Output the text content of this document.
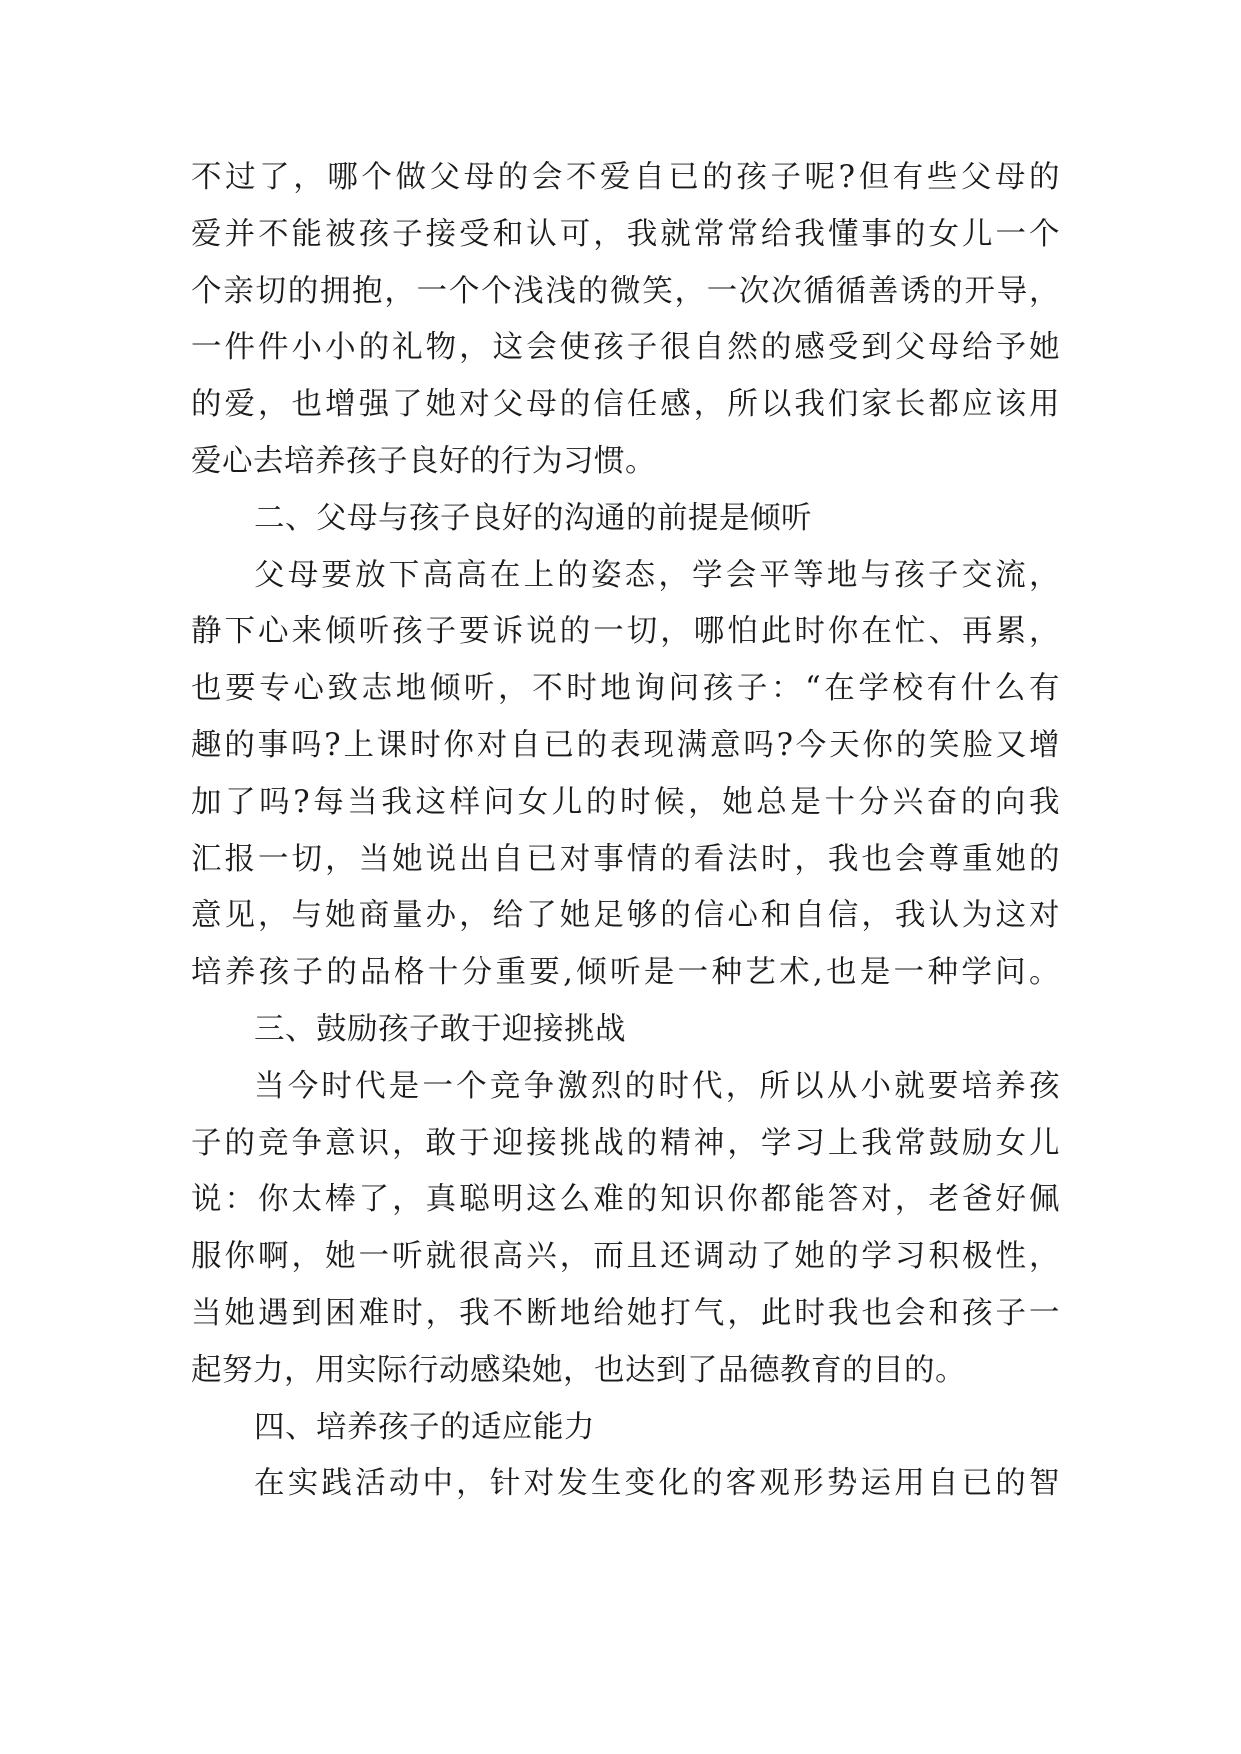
不过了，哪个做父母的会不爱自已的孩子呢?但有些父母的
爱并不能被孩子接受和认可，我就常常给我懂事的女儿一个
个亲切的拥抱，一个个浅浅的微笑，一次次循循善诱的开导，
一件件小小的礼物，这会使孩子很自然的感受到父母给予她
的爱，也增强了她对父母的信任感，所以我们家长都应该用
爱心去培养孩子良好的行为习惯。
二、父母与孩子良好的沟通的前提是倾听
父母要放下高高在上的姿态，学会平等地与孩子交流，
静下心来倾听孩子要诉说的一切，哪怕此时你在忙、再累，
也要专心致志地倾听，不时地询问孩子：“在学校有什么有
趣的事吗?上课时你对自已的表现满意吗?今天你的笑脸又增
加了吗?每当我这样问女儿的时候，她总是十分兴奋的向我
汇报一切，当她说出自已对事情的看法时，我也会尊重她的
意见，与她商量办，给了她足够的信心和自信，我认为这对
培养孩子的品格十分重要,倾听是一种艺术,也是一种学问。
三、鼓励孩子敢于迎接挑战
当今时代是一个竞争激烈的时代，所以从小就要培养孩
子的竞争意识，敢于迎接挑战的精神，学习上我常鼓励女儿
说：你太棒了，真聪明这么难的知识你都能答对，老爸好佩
服你啊，她一听就很高兴，而且还调动了她的学习积极性，
当她遇到困难时，我不断地给她打气，此时我也会和孩子一
起努力，用实际行动感染她，也达到了品德教育的目的。
四、培养孩子的适应能力
在实践活动中，针对发生变化的客观形势运用自已的智
